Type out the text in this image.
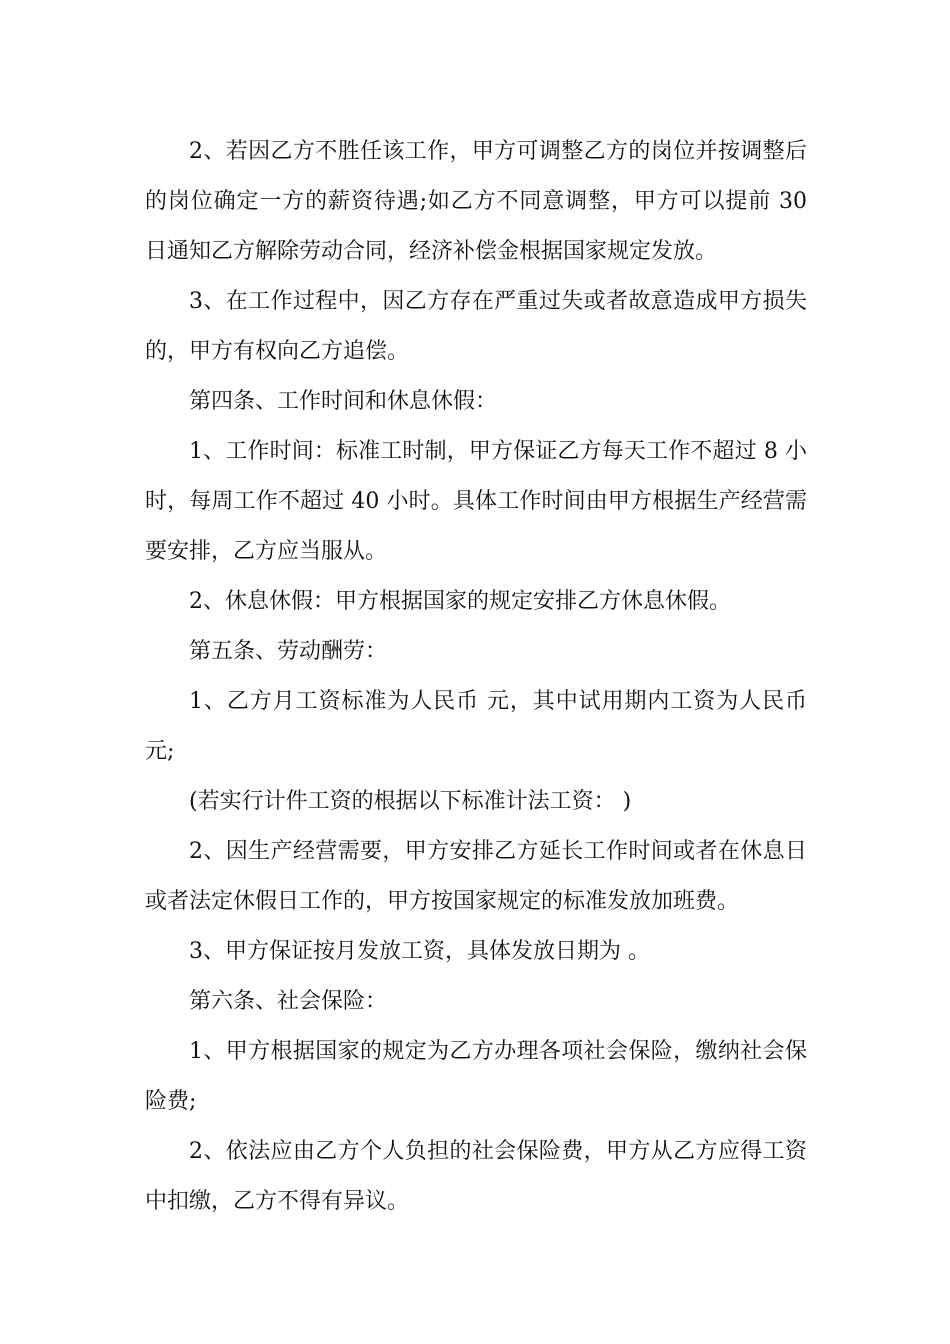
2、若因乙方不胜任该工作，甲方可调整乙方的岗位并按调整后的岗位确定一方的薪资待遇;如乙方不同意调整，甲方可以提前 30 日通知乙方解除劳动合同，经济补偿金根据国家规定发放。

3、在工作过程中，因乙方存在严重过失或者故意造成甲方损失的，甲方有权向乙方追偿。

第四条、工作时间和休息休假：

1、工作时间：标准工时制，甲方保证乙方每天工作不超过 8 小时，每周工作不超过 40 小时。具体工作时间由甲方根据生产经营需要安排，乙方应当服从。

2、休息休假：甲方根据国家的规定安排乙方休息休假。

第五条、劳动酬劳：

1、乙方月工资标准为人民币 元，其中试用期内工资为人民币 元;

(若实行计件工资的根据以下标准计法工资： )

2、因生产经营需要，甲方安排乙方延长工作时间或者在休息日或者法定休假日工作的，甲方按国家规定的标准发放加班费。

3、甲方保证按月发放工资，具体发放日期为 。

第六条、社会保险：

1、甲方根据国家的规定为乙方办理各项社会保险，缴纳社会保险费;

2、依法应由乙方个人负担的社会保险费，甲方从乙方应得工资中扣缴，乙方不得有异议。
